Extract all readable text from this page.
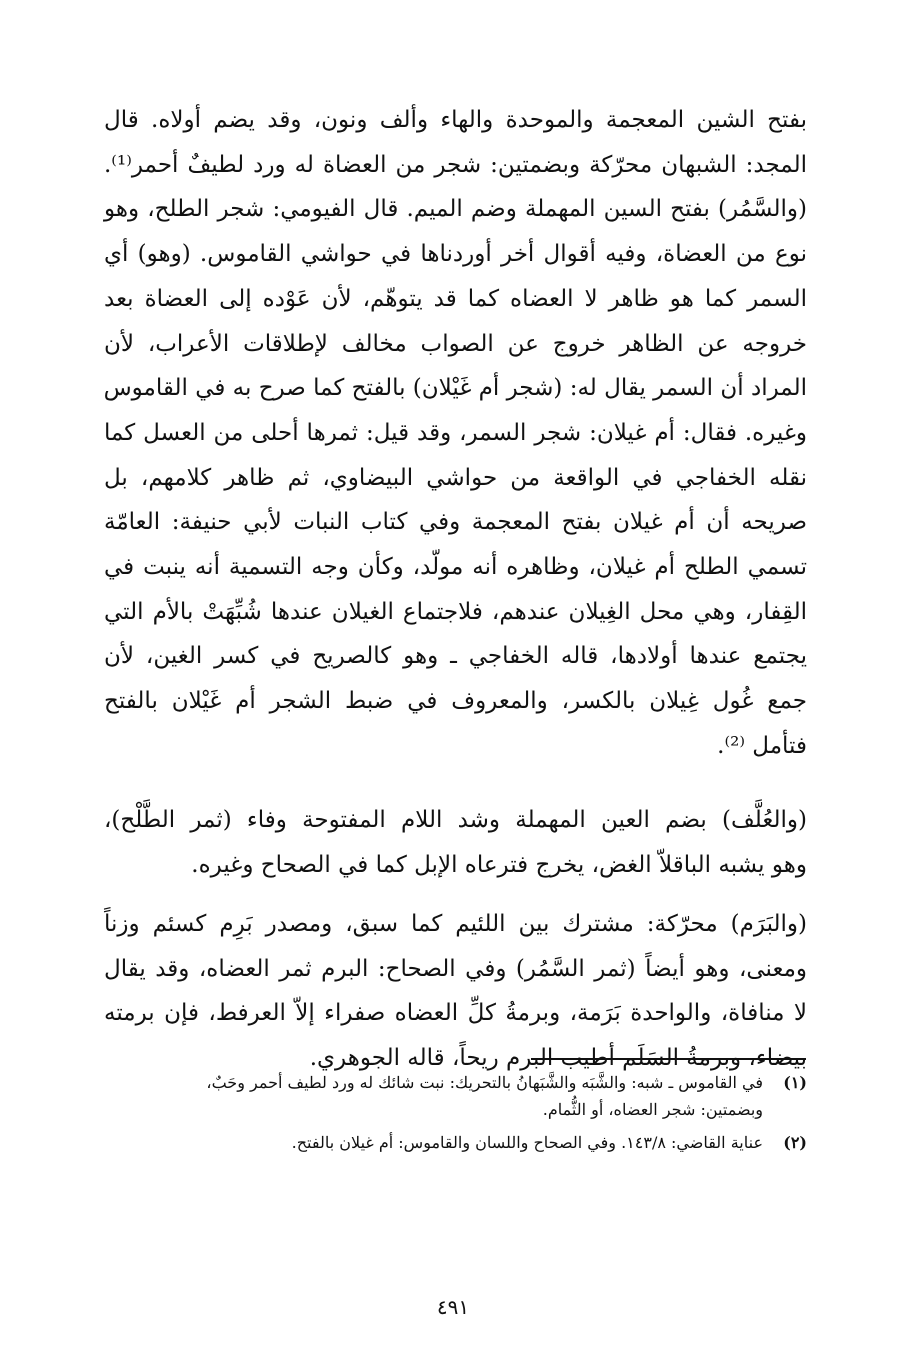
بفتح الشين المعجمة والموحدة والهاء وألف ونون، وقد يضم أولاه. قال
المجد: الشبهان محرّكة وبضمتين: شجر من العضاة له ورد لطيفٌ أحمر⁽¹⁾.
(والسَّمُر) بفتح السين المهملة وضم الميم. قال الفيومي: شجر الطلح، وهو
نوع من العضاة، وفيه أقوال أخر أوردناها في حواشي القاموس. (وهو) أي
السمر كما هو ظاهر لا العضاه كما قد يتوهّم، لأن عَوْده إلى العضاة بعد
خروجه عن الظاهر خروج عن الصواب مخالف لإطلاقات الأعراب، لأن
المراد أن السمر يقال له: (شجر أم غَيْلان) بالفتح كما صرح به في القاموس
وغيره. فقال: أم غيلان: شجر السمر، وقد قيل: ثمرها أحلى من العسل كما
نقله الخفاجي في الواقعة من حواشي البيضاوي، ثم ظاهر كلامهم، بل
صريحه أن أم غيلان بفتح المعجمة وفي كتاب النبات لأبي حنيفة: العامّة
تسمي الطلح أم غيلان، وظاهره أنه مولّد، وكأن وجه التسمية أنه ينبت في
القِفار، وهي محل الغِيلان عندهم، فلاجتماع الغيلان عندها شُبِّهَتْ بالأم التي
يجتمع عندها أولادها، قاله الخفاجي ـ وهو كالصريح في كسر الغين، لأن
جمع غُول غِيلان بالكسر، والمعروف في ضبط الشجر أم غَيْلان بالفتح
فتأمل ⁽²⁾.

(والعُلَّف) بضم العين المهملة وشد اللام المفتوحة وفاء (ثمر الطَّلْح)،
وهو يشبه الباقلاّ الغض، يخرج فترعاه الإبل كما في الصحاح وغيره.

(والبَرَم) محرّكة: مشترك بين اللئيم كما سبق، ومصدر بَرِم كسئم وزناً
ومعنى، وهو أيضاً (ثمر السَّمُر) وفي الصحاح: البرم ثمر العضاه، وقد يقال
لا منافاة، والواحدة بَرَمة، وبرمةُ كلِّ العضاه صفراء إلاّ العرفط، فإن برمته
بيضاء، وبرمةُ السَلَم أطيب البرم ريحاً، قاله الجوهري.

(١)
في القاموس ـ شبه: والشَّبَه والشَّبَهانُ بالتحريك: نبت شائك له ورد لطيف أحمر وحَبٌ،
وبضمتين: شجر العضاه، أو الثُّمام.
(٢)
عناية القاضي: ١٤٣/٨. وفي الصحاح واللسان والقاموس: أم غيلان بالفتح.
٤٩١
